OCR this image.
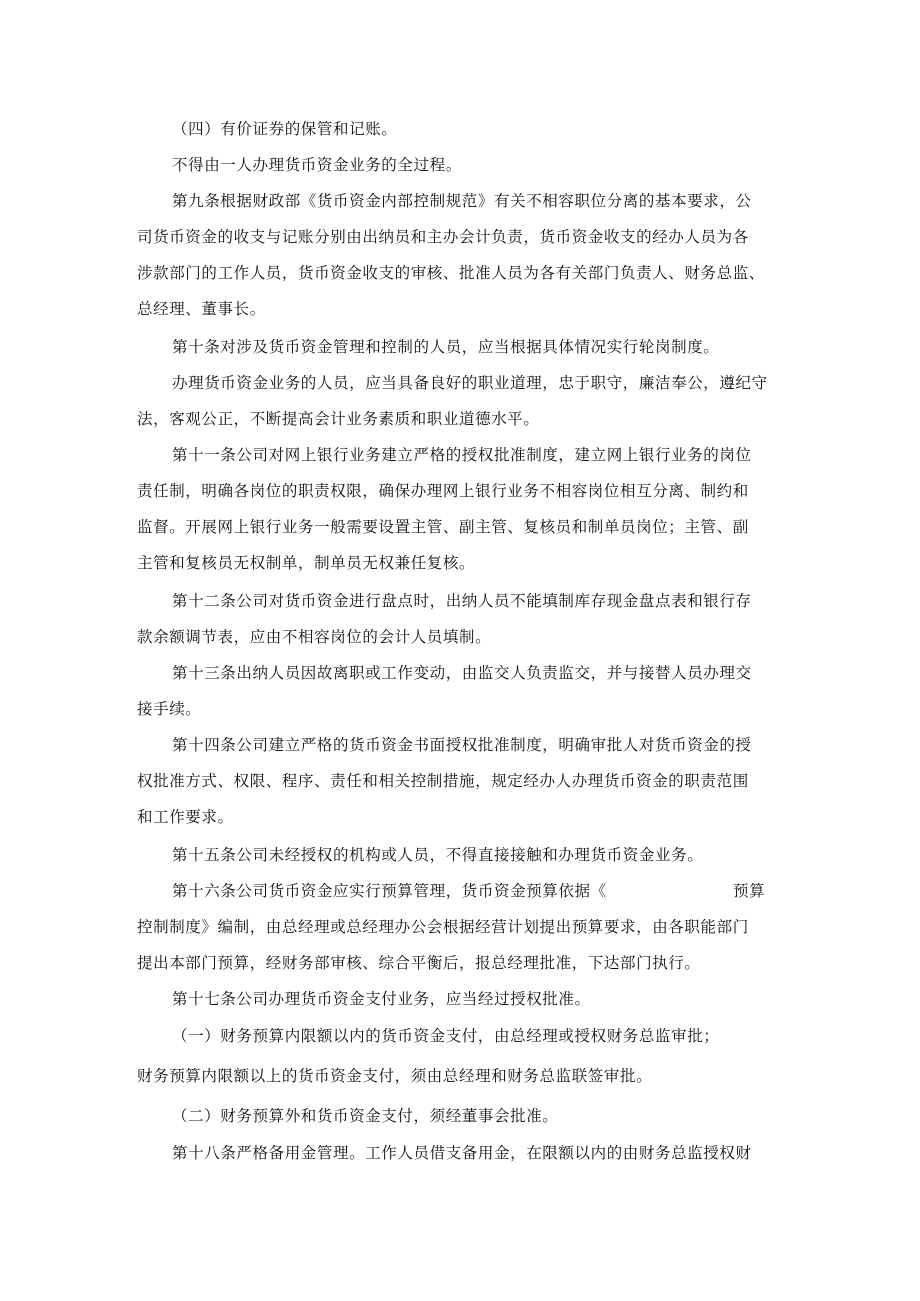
（四）有价证券的保管和记账。
不得由一人办理货币资金业务的全过程。
第九条根据财政部《货币资金内部控制规范》有关不相容职位分离的基本要求，公
司货币资金的收支与记账分别由出纳员和主办会计负责，货币资金收支的经办人员为各
涉款部门的工作人员，货币资金收支的审核、批准人员为各有关部门负责人、财务总监、
总经理、董事长。
第十条对涉及货币资金管理和控制的人员，应当根据具体情况实行轮岗制度。
办理货币资金业务的人员，应当具备良好的职业道理，忠于职守，廉洁奉公，遵纪守
法，客观公正，不断提高会计业务素质和职业道德水平。
第十一条公司对网上银行业务建立严格的授权批准制度，建立网上银行业务的岗位
责任制，明确各岗位的职责权限，确保办理网上银行业务不相容岗位相互分离、制约和
监督。开展网上银行业务一般需要设置主管、副主管、复核员和制单员岗位；主管、副
主管和复核员无权制单，制单员无权兼任复核。
第十二条公司对货币资金进行盘点时，出纳人员不能填制库存现金盘点表和银行存
款余额调节表，应由不相容岗位的会计人员填制。
第十三条出纳人员因故离职或工作变动，由监交人负责监交，并与接替人员办理交
接手续。
第十四条公司建立严格的货币资金书面授权批准制度，明确审批人对货币资金的授
权批准方式、权限、程序、责任和相关控制措施，规定经办人办理货币资金的职责范围
和工作要求。
第十五条公司未经授权的机构或人员，不得直接接触和办理货币资金业务。
第十六条公司货币资金应实行预算管理，货币资金预算依据《	预算
控制制度》编制，由总经理或总经理办公会根据经营计划提出预算要求，由各职能部门
提出本部门预算，经财务部审核、综合平衡后，报总经理批准，下达部门执行。
第十七条公司办理货币资金支付业务，应当经过授权批准。
（一）财务预算内限额以内的货币资金支付，由总经理或授权财务总监审批；
财务预算内限额以上的货币资金支付，须由总经理和财务总监联签审批。
（二）财务预算外和货币资金支付，须经董事会批准。
第十八条严格备用金管理。工作人员借支备用金，在限额以内的由财务总监授权财
